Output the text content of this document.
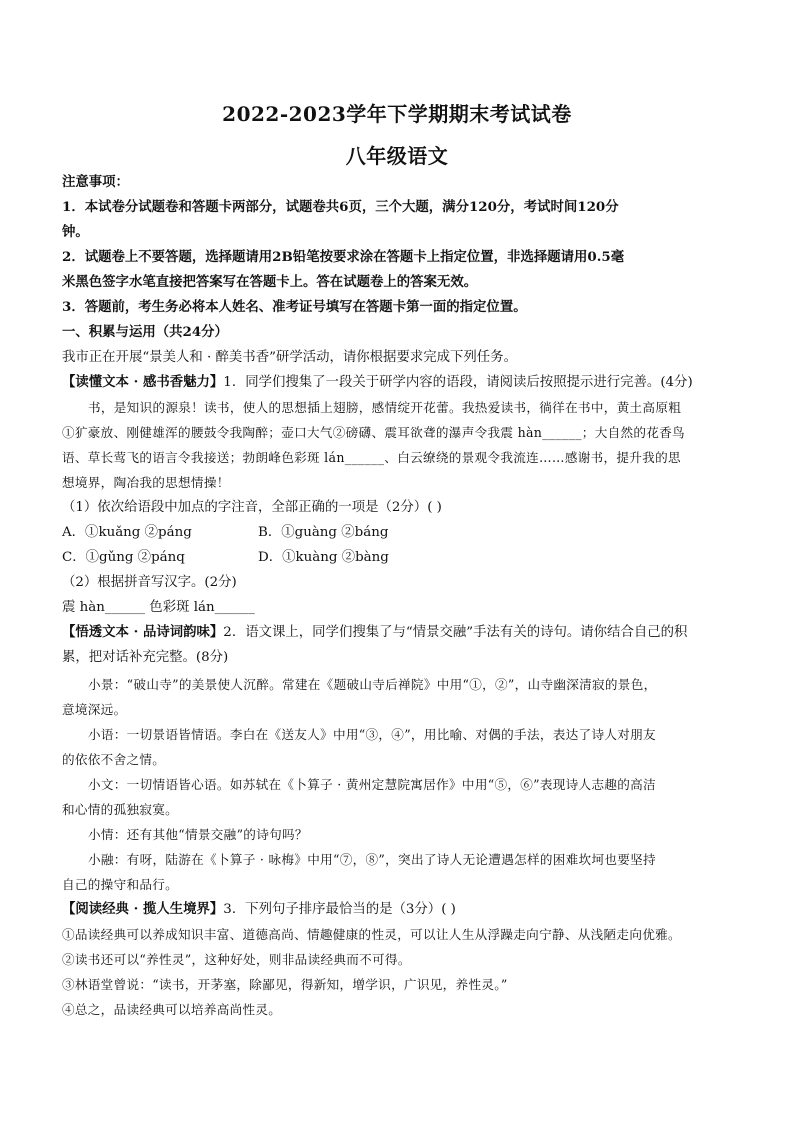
2022-2023学年下学期期末考试试卷
八年级语文
注意事项：
1．本试卷分试题卷和答题卡两部分，试题卷共6页，三个大题，满分120分，考试时间120分
钟。
2．试题卷上不要答题，选择题请用2B铅笔按要求涂在答题卡上指定位置，非选择题请用0.5毫
米黑色签字水笔直接把答案写在答题卡上。答在试题卷上的答案无效。
3．答题前，考生务必将本人姓名、准考证号填写在答题卡第一面的指定位置。
一、积累与运用（共24分）
我市正在开展“景美人和 · 醉美书香”研学活动，请你根据要求完成下列任务。
【读懂文本 · 感书香魅力】1．同学们搜集了一段关于研学内容的语段，请阅读后按照提示进行完善。(4分)
书，是知识的源泉！读书，使人的思想插上翅膀，感情绽开花蕾。我热爱读书，徜徉在书中，黄土高原粗
①犷豪放、刚健雄浑的腰鼓令我陶醉；壶口大气②磅礴、震耳欲聋的瀑声令我震 hàn______；大自然的花香鸟
语、草长莺飞的语言令我接送；勃朗峰色彩斑 lán______、白云缭绕的景观令我流连……感谢书，提升我的思
想境界，陶冶我的思想情操！
（1）依次给语段中加点的字注音，全部正确的一项是（2分）( )
A．①kuǎng ②páng	B．①guàng ②báng
C．①gǔng ②pánq	D．①kuàng ②bàng
（2）根据拼音写汉字。(2分)
震 hàn______ 色彩斑 lán______
【悟透文本 · 品诗词韵味】2．语文课上，同学们搜集了与“情景交融”手法有关的诗句。请你结合自己的积
累，把对话补充完整。(8分)
小景：“破山寺”的美景使人沉醉。常建在《题破山寺后禅院》中用“①，②”，山寺幽深清寂的景色，
意境深远。
小语：一切景语皆情语。李白在《送友人》中用“③，④”，用比喻、对偶的手法，表达了诗人对朋友
的依依不舍之情。
小文：一切情语皆心语。如苏轼在《卜算子 · 黄州定慧院寓居作》中用“⑤，⑥”表现诗人志趣的高洁
和心情的孤独寂寞。
小情：还有其他“情景交融”的诗句吗？
小融：有呀，陆游在《卜算子 · 咏梅》中用“⑦，⑧”，突出了诗人无论遭遇怎样的困难坎坷也要坚持
自己的操守和品行。
【阅读经典 · 揽人生境界】3．下列句子排序最恰当的是（3分）( )
①品读经典可以养成知识丰富、道德高尚、情趣健康的性灵，可以让人生从浮躁走向宁静、从浅陋走向优雅。
②读书还可以“养性灵”，这种好处，则非品读经典而不可得。
③林语堂曾说：“读书，开茅塞，除鄙见，得新知，增学识，广识见，养性灵。”
④总之，品读经典可以培养高尚性灵。
